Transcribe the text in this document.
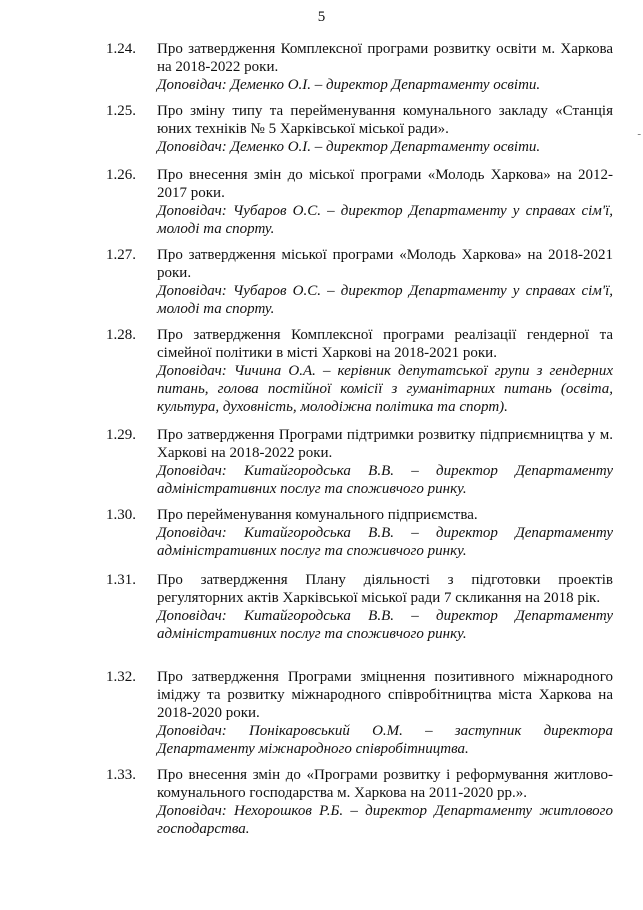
5
-
1.24. Про затвердження Комплексної програми розвитку освіти м. Харкова на 2018-2022 роки.

Доповідач: Деменко О.І. – директор Департаменту освіти.

1.25. Про зміну типу та перейменування комунального закладу «Станція юних техніків № 5 Харківської міської ради».

Доповідач: Деменко О.І. – директор Департаменту освіти.

1.26. Про внесення змін до міської програми «Молодь Харкова» на 2012-2017 роки.

Доповідач: Чубаров О.С. – директор Департаменту у справах сім'ї, молоді та спорту.

1.27. Про затвердження міської програми «Молодь Харкова» на 2018-2021 роки.

Доповідач: Чубаров О.С. – директор Департаменту у справах сім'ї, молоді та спорту.

1.28. Про затвердження Комплексної програми реалізації гендерної та сімейної політики в місті Харкові на 2018-2021 роки.

Доповідач: Чичина О.А. – керівник депутатської групи з гендерних питань, голова постійної комісії з гуманітарних питань (освіта, культура, духовність, молодіжна політика та спорт).

1.29. Про затвердження Програми підтримки розвитку підприємництва у м. Харкові на 2018-2022 роки.

Доповідач: Китайгородська В.В. – директор Департаменту адміністративних послуг та споживчого ринку.

1.30. Про перейменування комунального підприємства.

Доповідач: Китайгородська В.В. – директор Департаменту адміністративних послуг та споживчого ринку.

1.31. Про затвердження Плану діяльності з підготовки проектів регуляторних актів Харківської міської ради 7 скликання на 2018 рік.

Доповідач: Китайгородська В.В. – директор Департаменту адміністративних послуг та споживчого ринку.

1.32. Про затвердження Програми зміцнення позитивного міжнародного іміджу та розвитку міжнародного співробітництва міста Харкова на 2018-2020 роки.

Доповідач: Понікаровський О.М. – заступник директора Департаменту міжнародного співробітництва.

1.33. Про внесення змін до «Програми розвитку і реформування житлово-комунального господарства м. Харкова на 2011-2020 рр.».

Доповідач: Нехорошков Р.Б. – директор Департаменту житлового господарства.
